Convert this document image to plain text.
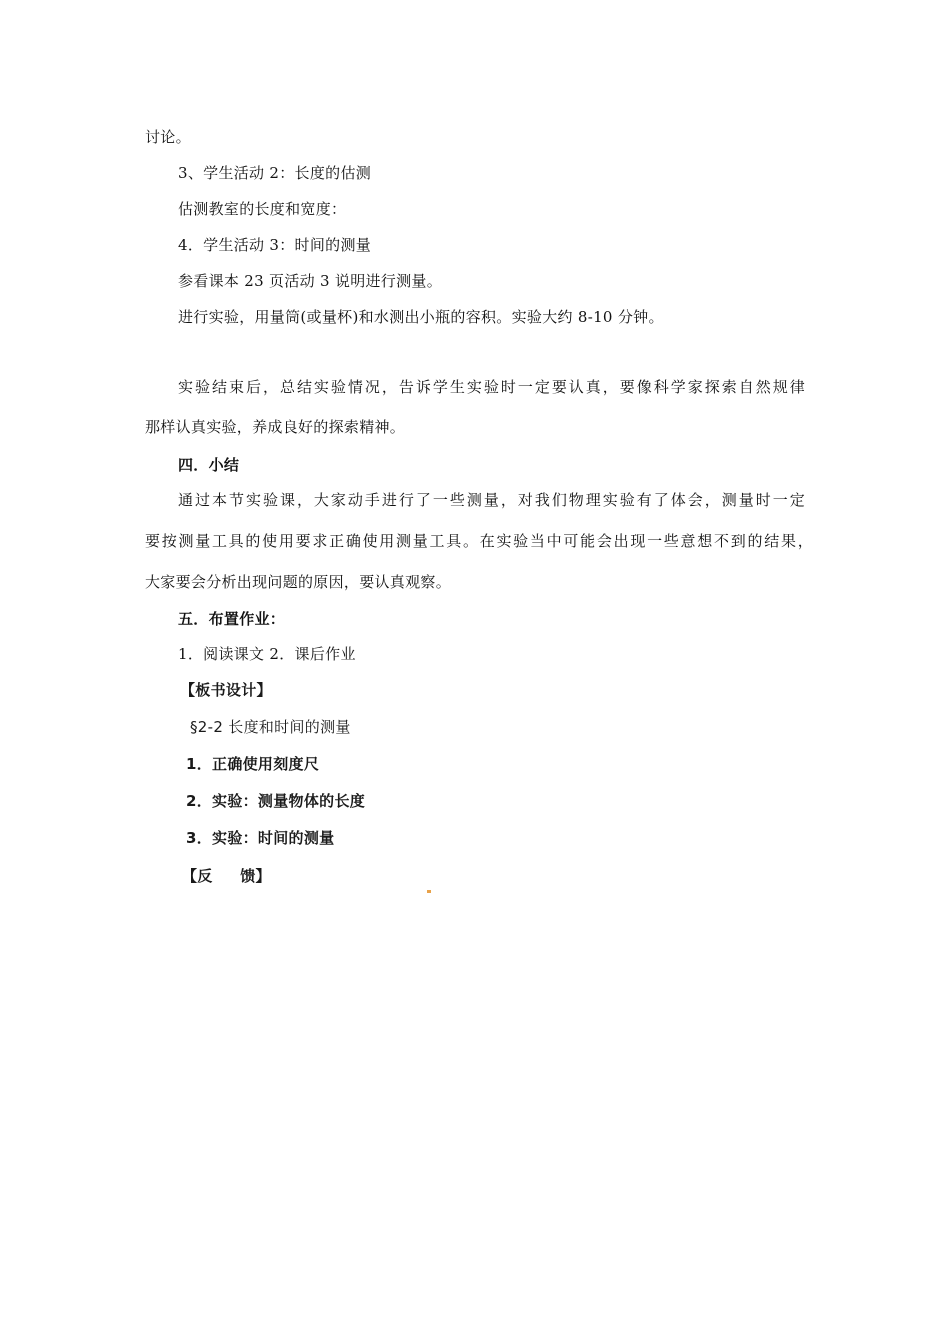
讨论。
3、学生活动 2：长度的估测
估测教室的长度和宽度：
4．学生活动 3：时间的测量
参看课本 23 页活动 3 说明进行测量。
进行实验，用量筒(或量杯)和水测出小瓶的容积。实验大约 8-10 分钟。
实验结束后，总结实验情况，告诉学生实验时一定要认真，要像科学家探索自然规律
那样认真实验，养成良好的探索精神。
四．小结
通过本节实验课，大家动手进行了一些测量，对我们物理实验有了体会，测量时一定
要按测量工具的使用要求正确使用测量工具。在实验当中可能会出现一些意想不到的结果，
大家要会分析出现问题的原因，要认真观察。
五．布置作业：
1．阅读课文 2．课后作业
【板书设计】
§2-2 长度和时间的测量
1．正确使用刻度尺
2．实验：测量物体的长度
3．实验：时间的测量
【反     馈】
